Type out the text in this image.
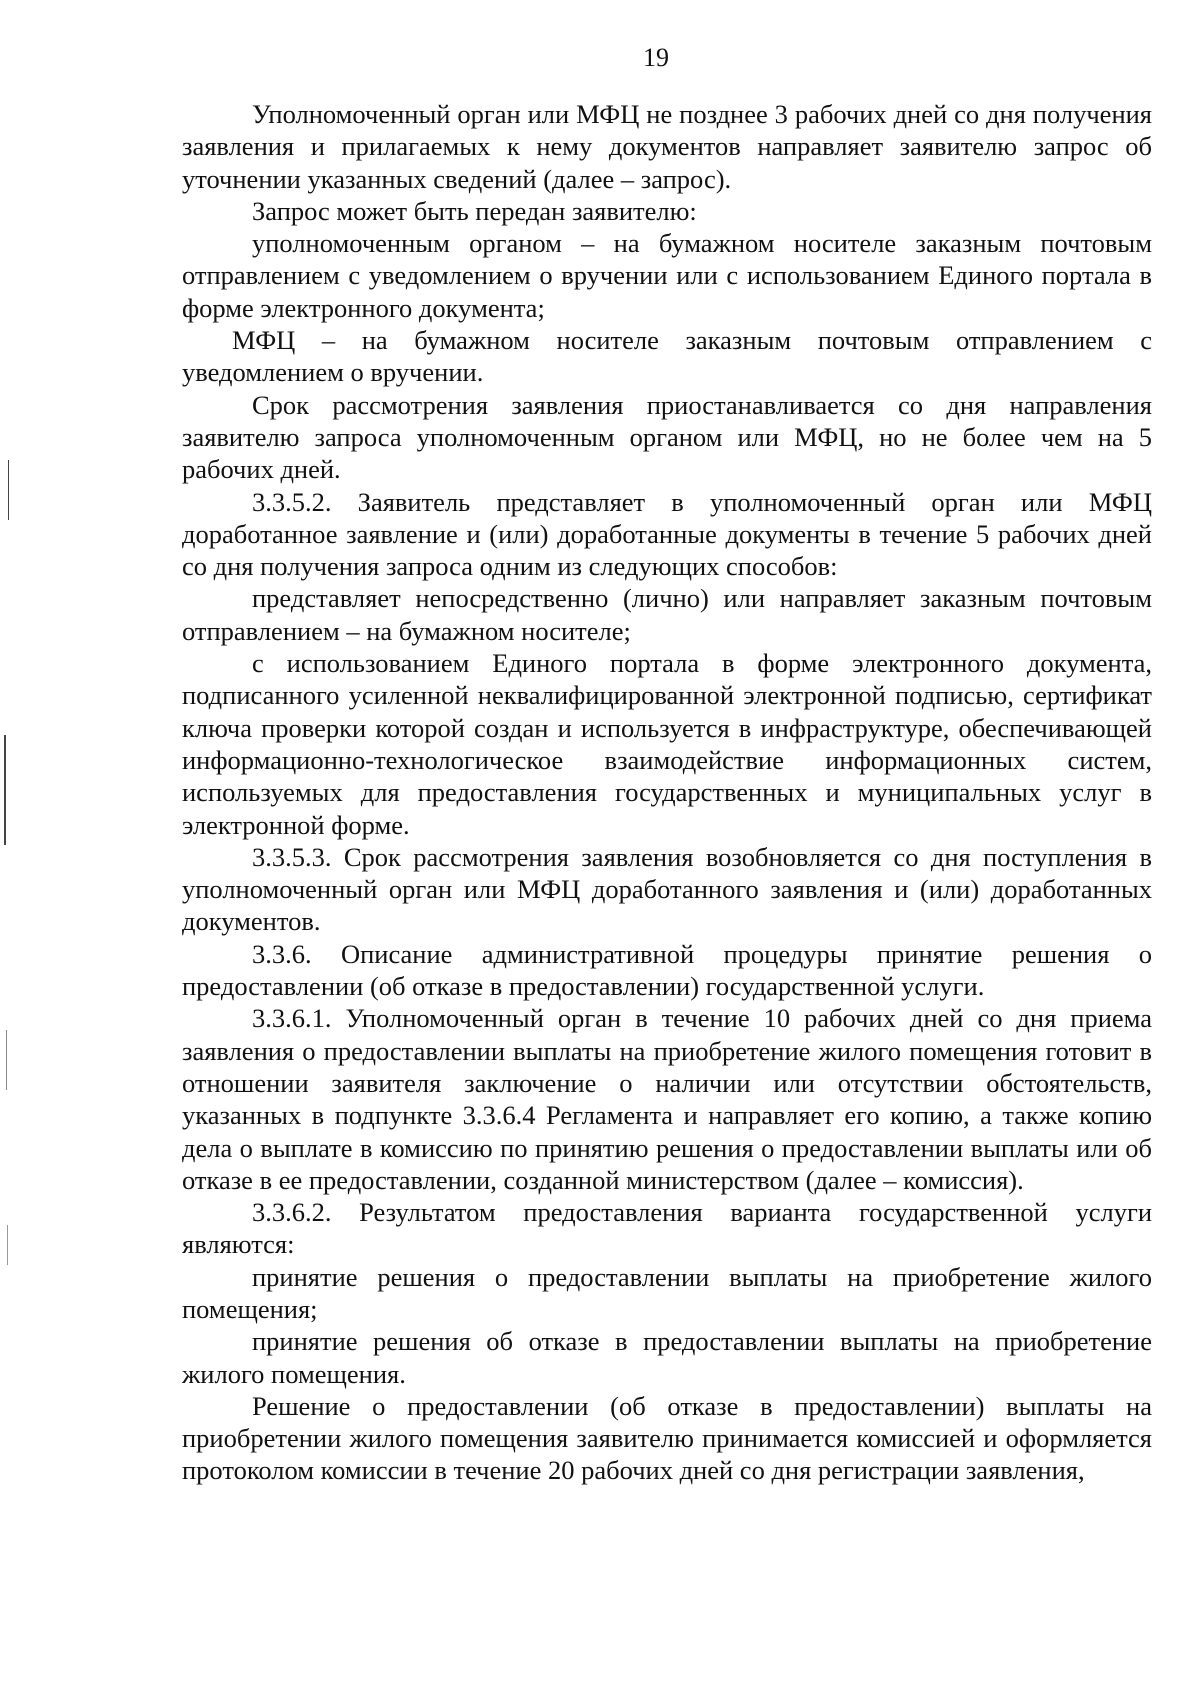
19

Уполномоченный орган или МФЦ не позднее 3 рабочих дней со дня получения заявления и прилагаемых к нему документов направляет заявителю запрос об уточнении указанных сведений (далее – запрос).

Запрос может быть передан заявителю:

уполномоченным органом – на бумажном носителе заказным почтовым отправлением с уведомлением о вручении или с использованием Единого портала в форме электронного документа;

МФЦ – на бумажном носителе заказным почтовым отправлением с уведомлением о вручении.

Срок рассмотрения заявления приостанавливается со дня направления заявителю запроса уполномоченным органом или МФЦ, но не более чем на 5 рабочих дней.

3.3.5.2. Заявитель представляет в уполномоченный орган или МФЦ доработанное заявление и (или) доработанные документы в течение 5 рабочих дней со дня получения запроса одним из следующих способов:

представляет непосредственно (лично) или направляет заказным почтовым отправлением – на бумажном носителе;

с использованием Единого портала в форме электронного документа, подписанного усиленной неквалифицированной электронной подписью, сертификат ключа проверки которой создан и используется в инфраструктуре, обеспечивающей информационно-технологическое взаимодействие информационных систем, используемых для предоставления государственных и муниципальных услуг в электронной форме.

3.3.5.3. Срок рассмотрения заявления возобновляется со дня поступления в уполномоченный орган или МФЦ доработанного заявления и (или) доработанных документов.

3.3.6. Описание административной процедуры принятие решения о предоставлении (об отказе в предоставлении) государственной услуги.

3.3.6.1. Уполномоченный орган в течение 10 рабочих дней со дня приема заявления о предоставлении выплаты на приобретение жилого помещения готовит в отношении заявителя заключение о наличии или отсутствии обстоятельств, указанных в подпункте 3.3.6.4 Регламента и направляет его копию, а также копию дела о выплате в комиссию по принятию решения о предоставлении выплаты или об отказе в ее предоставлении, созданной министерством (далее – комиссия).

3.3.6.2. Результатом предоставления варианта государственной услуги являются:

принятие решения о предоставлении выплаты на приобретение жилого помещения;

принятие решения об отказе в предоставлении выплаты на приобретение жилого помещения.

Решение о предоставлении (об отказе в предоставлении) выплаты на приобретении жилого помещения заявителю принимается комиссией и оформляется протоколом комиссии в течение 20 рабочих дней со дня регистрации заявления,
